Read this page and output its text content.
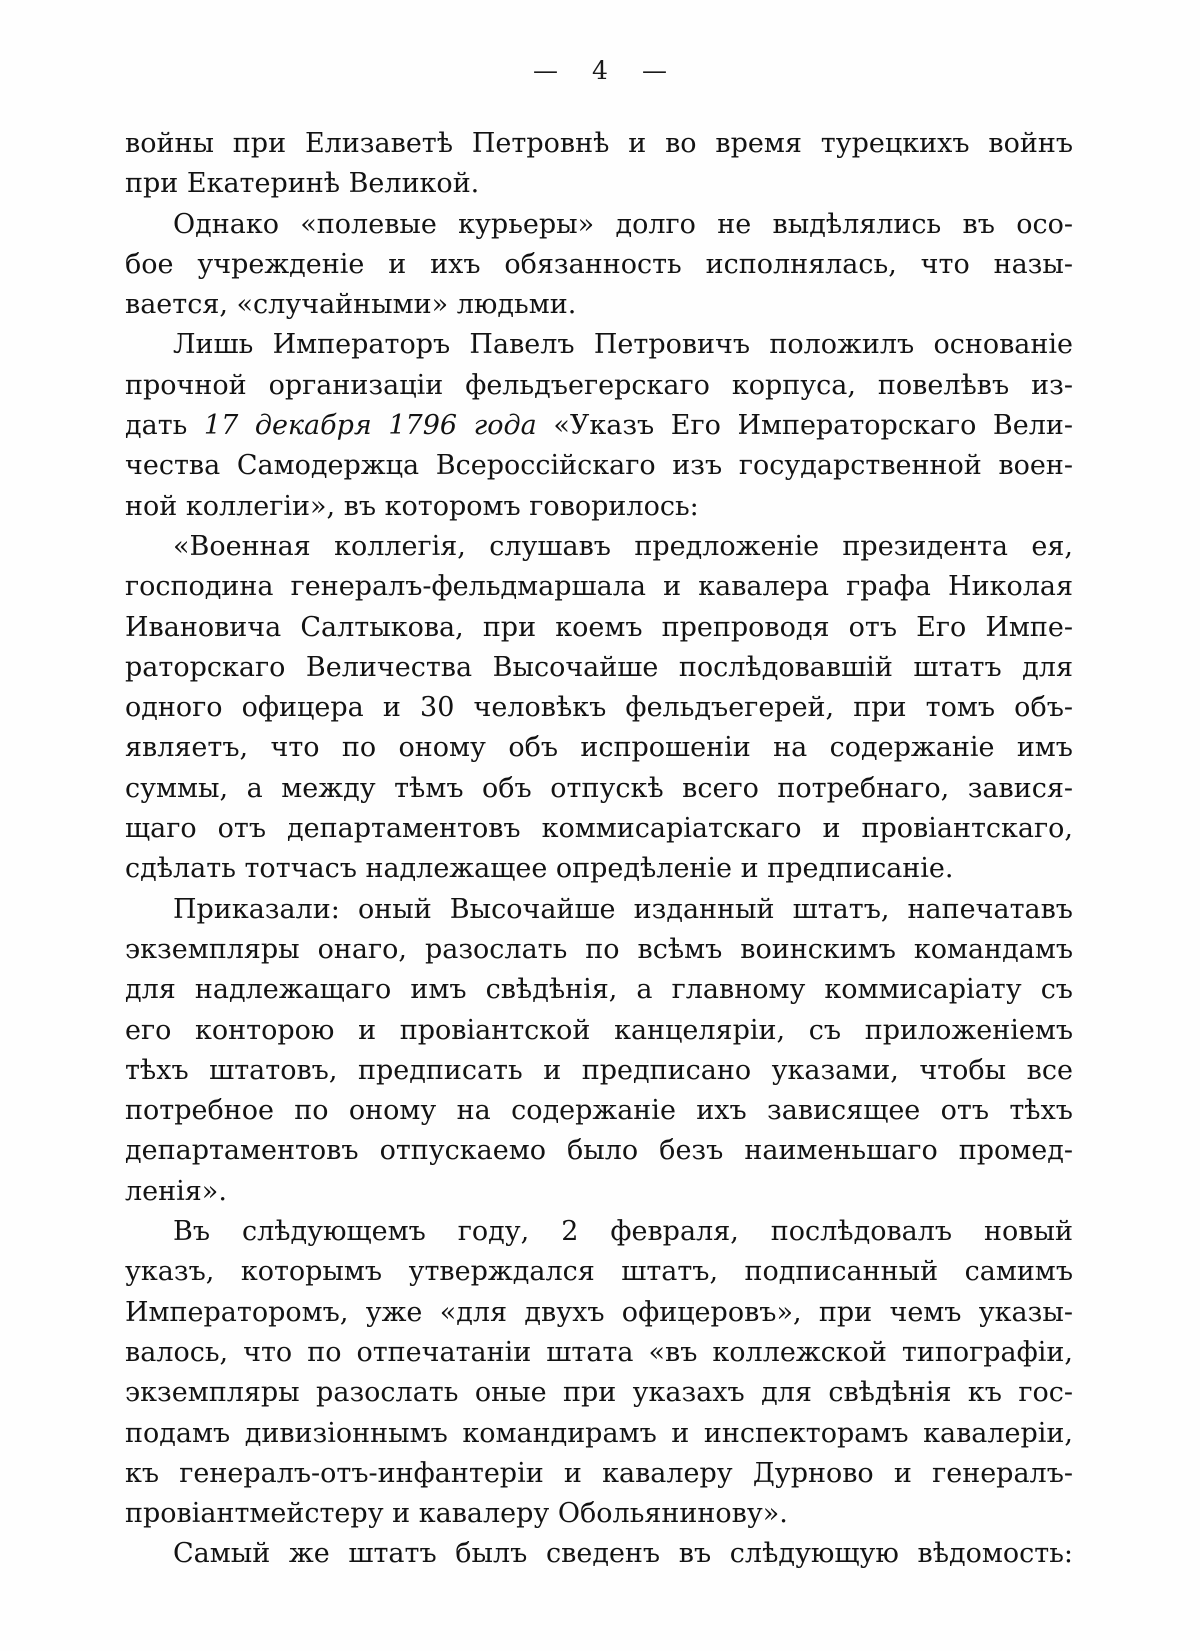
— 4 —
войны при Елизаветѣ Петровнѣ и во время турецкихъ войнъ
при Екатеринѣ Великой.
Однако «полевые курьеры» долго не выдѣлялись въ осо-
бое учрежденіе и ихъ обязанность исполнялась, что назы-
вается, «случайными» людьми.
Лишь Императоръ Павелъ Петровичъ положилъ основаніе
прочной организаціи фельдъегерскаго корпуса, повелѣвъ из-
дать 17 декабря 1796 года «Указъ Его Императорскаго Вели-
чества Самодержца Всероссійскаго изъ государственной воен-
ной коллегіи», въ которомъ говорилось:
«Военная коллегія, слушавъ предложеніе президента ея,
господина генералъ-фельдмаршала и кавалера графа Николая
Ивановича Салтыкова, при коемъ препроводя отъ Его Импе-
раторскаго Величества Высочайше послѣдовавшій штатъ для
одного офицера и 30 человѣкъ фельдъегерей, при томъ объ-
являетъ, что по оному объ испрошеніи на содержаніе имъ
суммы, а между тѣмъ объ отпускѣ всего потребнаго, завися-
щаго отъ департаментовъ коммисаріатскаго и провіантскаго,
сдѣлать тотчасъ надлежащее опредѣленіе и предписаніе.
Приказали: оный Высочайше изданный штатъ, напечатавъ
экземпляры онаго, разослать по всѣмъ воинскимъ командамъ
для надлежащаго имъ свѣдѣнія, а главному коммисаріату съ
его конторою и провіантской канцеляріи, съ приложеніемъ
тѣхъ штатовъ, предписать и предписано указами, чтобы все
потребное по оному на содержаніе ихъ зависящее отъ тѣхъ
департаментовъ отпускаемо было безъ наименьшаго промед-
ленія».
Въ слѣдующемъ году, 2 февраля, послѣдовалъ новый
указъ, которымъ утверждался штатъ, подписанный самимъ
Императоромъ, уже «для двухъ офицеровъ», при чемъ указы-
валось, что по отпечатаніи штата «въ коллежской типографіи,
экземпляры разослать оные при указахъ для свѣдѣнія къ гос-
подамъ дивизіоннымъ командирамъ и инспекторамъ кавалеріи,
къ генералъ-отъ-инфантеріи и кавалеру Дурново и генералъ-
провіантмейстеру и кавалеру Обольянинову».
Самый же штатъ былъ сведенъ въ слѣдующую вѣдомость:
